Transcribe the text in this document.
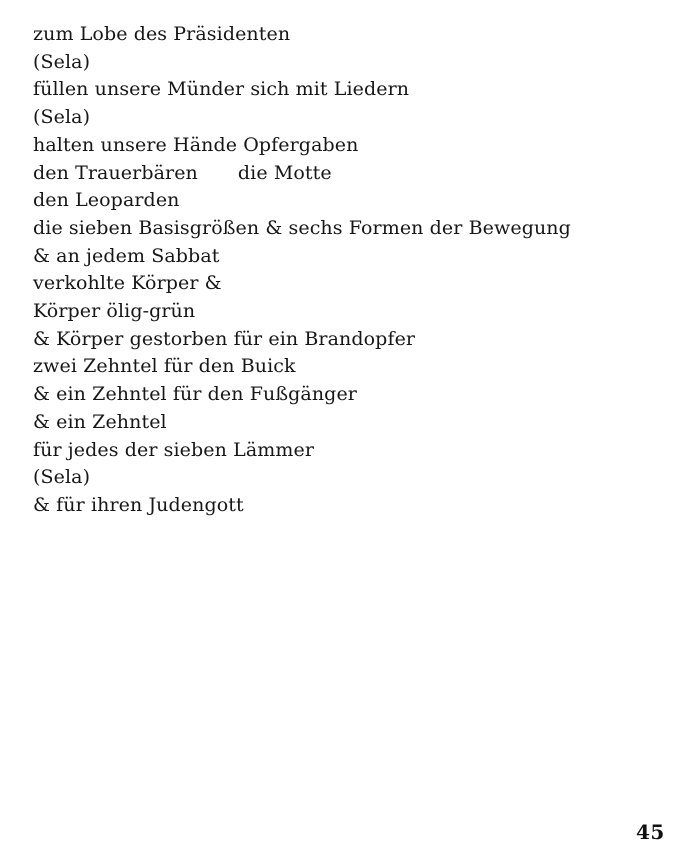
zum Lobe des Präsidenten
(Sela)
füllen unsere Münder sich mit Liedern
(Sela)
halten unsere Hände Opfergaben
den Trauerbären die Motte
den Leoparden
die sieben Basisgrößen & sechs Formen der Bewegung
& an jedem Sabbat
verkohlte Körper &
Körper ölig-grün
& Körper gestorben für ein Brandopfer
zwei Zehntel für den Buick
& ein Zehntel für den Fußgänger
& ein Zehntel
für jedes der sieben Lämmer
(Sela)
& für ihren Judengott
45
